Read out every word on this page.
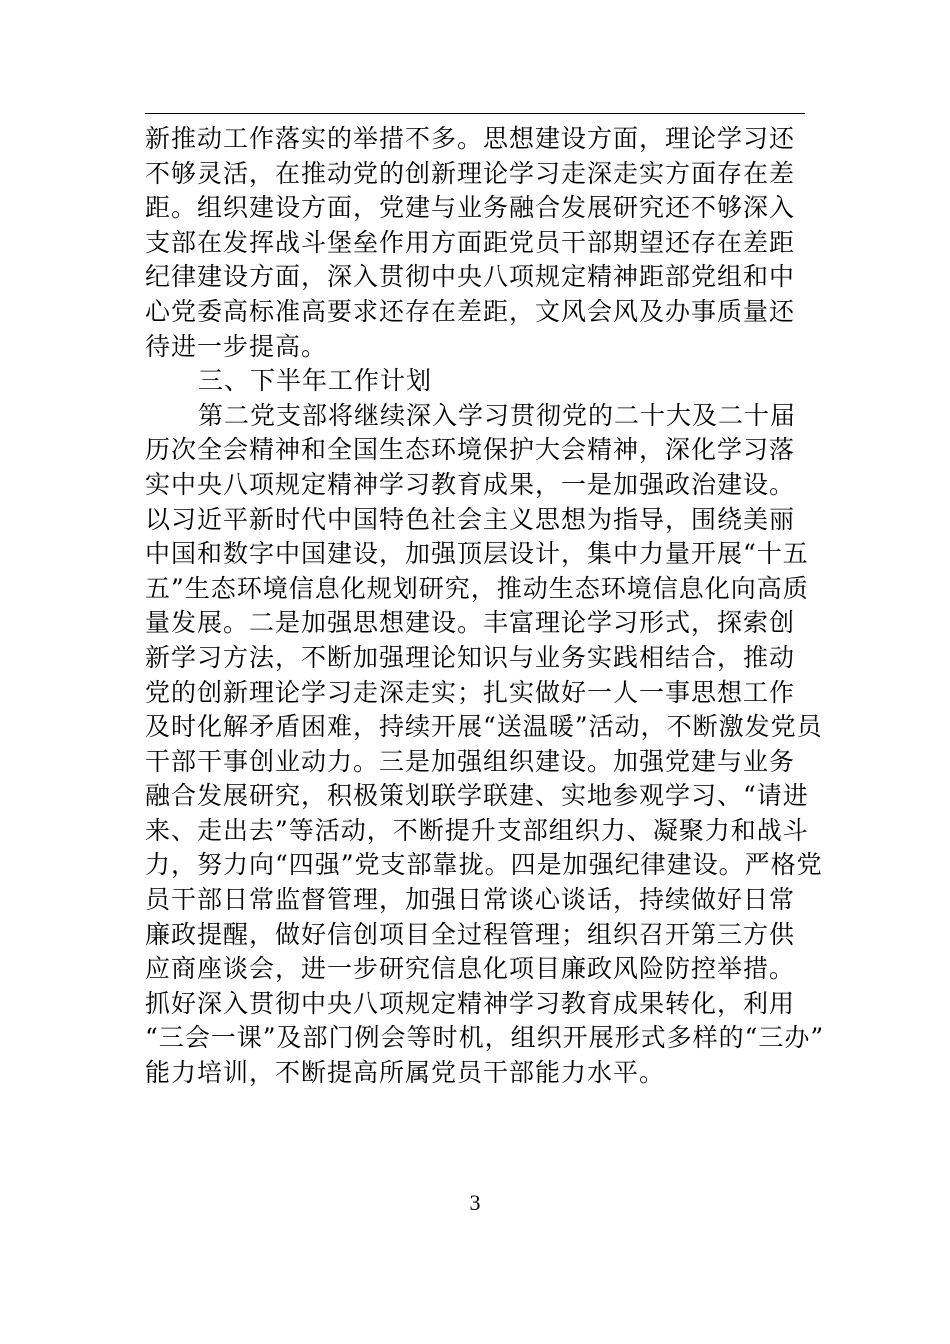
新推动工作落实的举措不多。思想建设方面，理论学习还
不够灵活，在推动党的创新理论学习走深走实方面存在差
距。组织建设方面，党建与业务融合发展研究还不够深入
支部在发挥战斗堡垒作用方面距党员干部期望还存在差距
纪律建设方面，深入贯彻中央八项规定精神距部党组和中
心党委高标准高要求还存在差距，文风会风及办事质量还
待进一步提高。
三、下半年工作计划
第二党支部将继续深入学习贯彻党的二十大及二十届
历次全会精神和全国生态环境保护大会精神，深化学习落
实中央八项规定精神学习教育成果，一是加强政治建设。
以习近平新时代中国特色社会主义思想为指导，围绕美丽
中国和数字中国建设，加强顶层设计，集中力量开展“十五
五”生态环境信息化规划研究，推动生态环境信息化向高质
量发展。二是加强思想建设。丰富理论学习形式，探索创
新学习方法，不断加强理论知识与业务实践相结合，推动
党的创新理论学习走深走实；扎实做好一人一事思想工作
及时化解矛盾困难，持续开展“送温暖”活动，不断激发党员
干部干事创业动力。三是加强组织建设。加强党建与业务
融合发展研究，积极策划联学联建、实地参观学习、“请进
来、走出去”等活动，不断提升支部组织力、凝聚力和战斗
力，努力向“四强”党支部靠拢。四是加强纪律建设。严格党
员干部日常监督管理，加强日常谈心谈话，持续做好日常
廉政提醒，做好信创项目全过程管理；组织召开第三方供
应商座谈会，进一步研究信息化项目廉政风险防控举措。
抓好深入贯彻中央八项规定精神学习教育成果转化，利用
“三会一课”及部门例会等时机，组织开展形式多样的“三办”
能力培训，不断提高所属党员干部能力水平。
3
